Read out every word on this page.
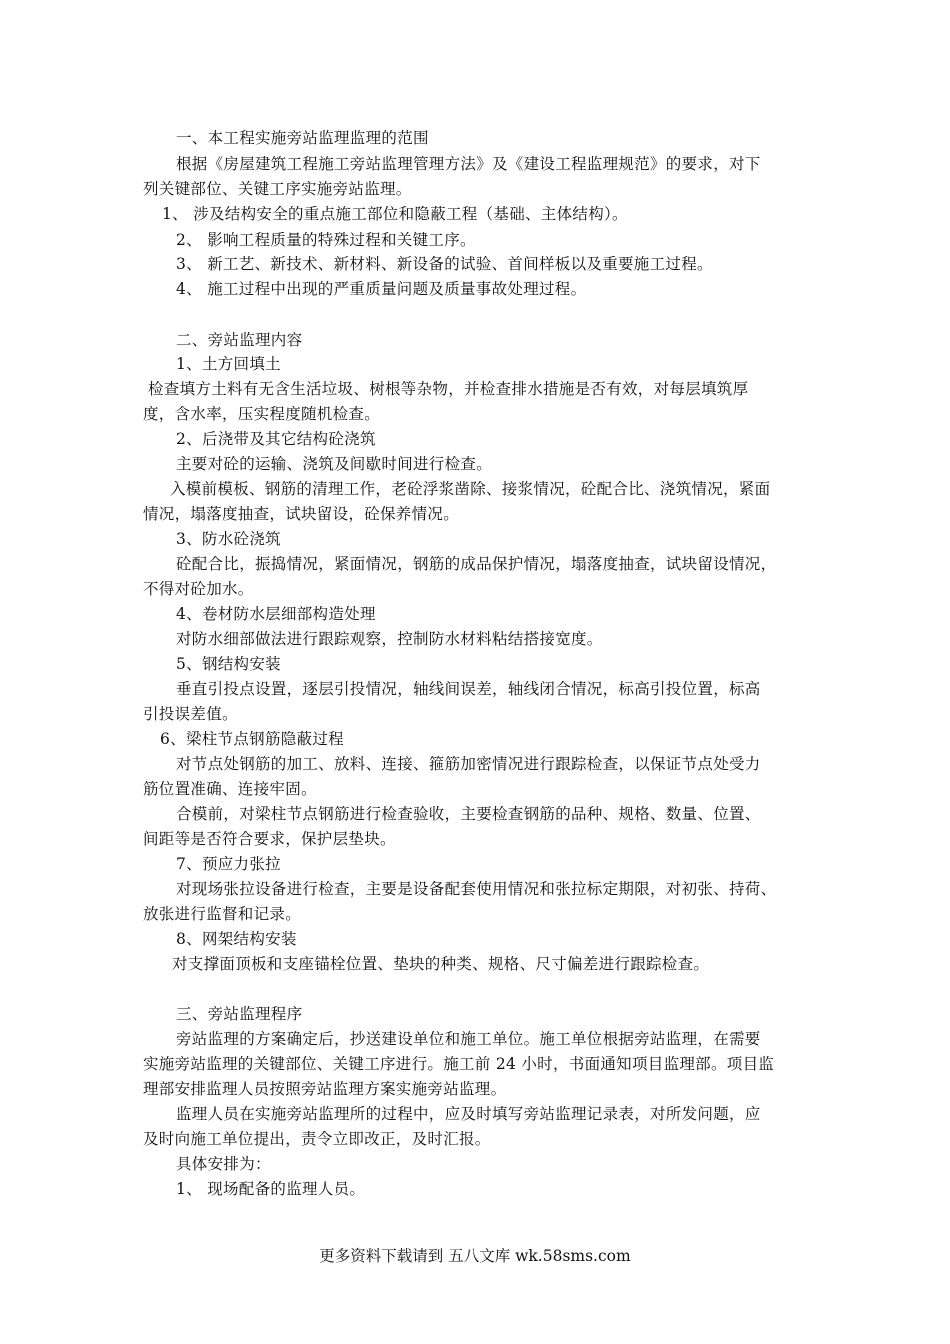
一、本工程实施旁站监理监理的范围
根据《房屋建筑工程施工旁站监理管理方法》及《建设工程监理规范》的要求，对下
列关键部位、关键工序实施旁站监理。
1、 涉及结构安全的重点施工部位和隐蔽工程（基础、主体结构）。
2、 影响工程质量的特殊过程和关键工序。
3、 新工艺、新技术、新材料、新设备的试验、首间样板以及重要施工过程。
4、 施工过程中出现的严重质量问题及质量事故处理过程。
二、旁站监理内容
1、土方回填土
检查填方土料有无含生活垃圾、树根等杂物，并检查排水措施是否有效，对每层填筑厚
度，含水率，压实程度随机检查。
2、后浇带及其它结构砼浇筑
主要对砼的运输、浇筑及间歇时间进行检查。
入模前模板、钢筋的清理工作，老砼浮浆凿除、接浆情况，砼配合比、浇筑情况，紧面
情况，塌落度抽查，试块留设，砼保养情况。
3、防水砼浇筑
砼配合比，振捣情况，紧面情况，钢筋的成品保护情况，塌落度抽查，试块留设情况，
不得对砼加水。
4、卷材防水层细部构造处理
对防水细部做法进行跟踪观察，控制防水材料粘结搭接宽度。
5、钢结构安装
垂直引投点设置，逐层引投情况，轴线间误差，轴线闭合情况，标高引投位置，标高
引投误差值。
6、梁柱节点钢筋隐蔽过程
对节点处钢筋的加工、放料、连接、箍筋加密情况进行跟踪检查，以保证节点处受力
筋位置准确、连接牢固。
合模前，对梁柱节点钢筋进行检查验收，主要检查钢筋的品种、规格、数量、位置、
间距等是否符合要求，保护层垫块。
7、预应力张拉
对现场张拉设备进行检查，主要是设备配套使用情况和张拉标定期限，对初张、持荷、
放张进行监督和记录。
8、网架结构安装
对支撑面顶板和支座锚栓位置、垫块的种类、规格、尺寸偏差进行跟踪检查。
三、旁站监理程序
旁站监理的方案确定后，抄送建设单位和施工单位。施工单位根据旁站监理，在需要
实施旁站监理的关键部位、关键工序进行。施工前 24 小时，书面通知项目监理部。项目监
理部安排监理人员按照旁站监理方案实施旁站监理。
监理人员在实施旁站监理所的过程中，应及时填写旁站监理记录表，对所发问题，应
及时向施工单位提出，责令立即改正，及时汇报。
具体安排为：
1、 现场配备的监理人员。
更多资料下载请到 五八文库 wk.58sms.com
